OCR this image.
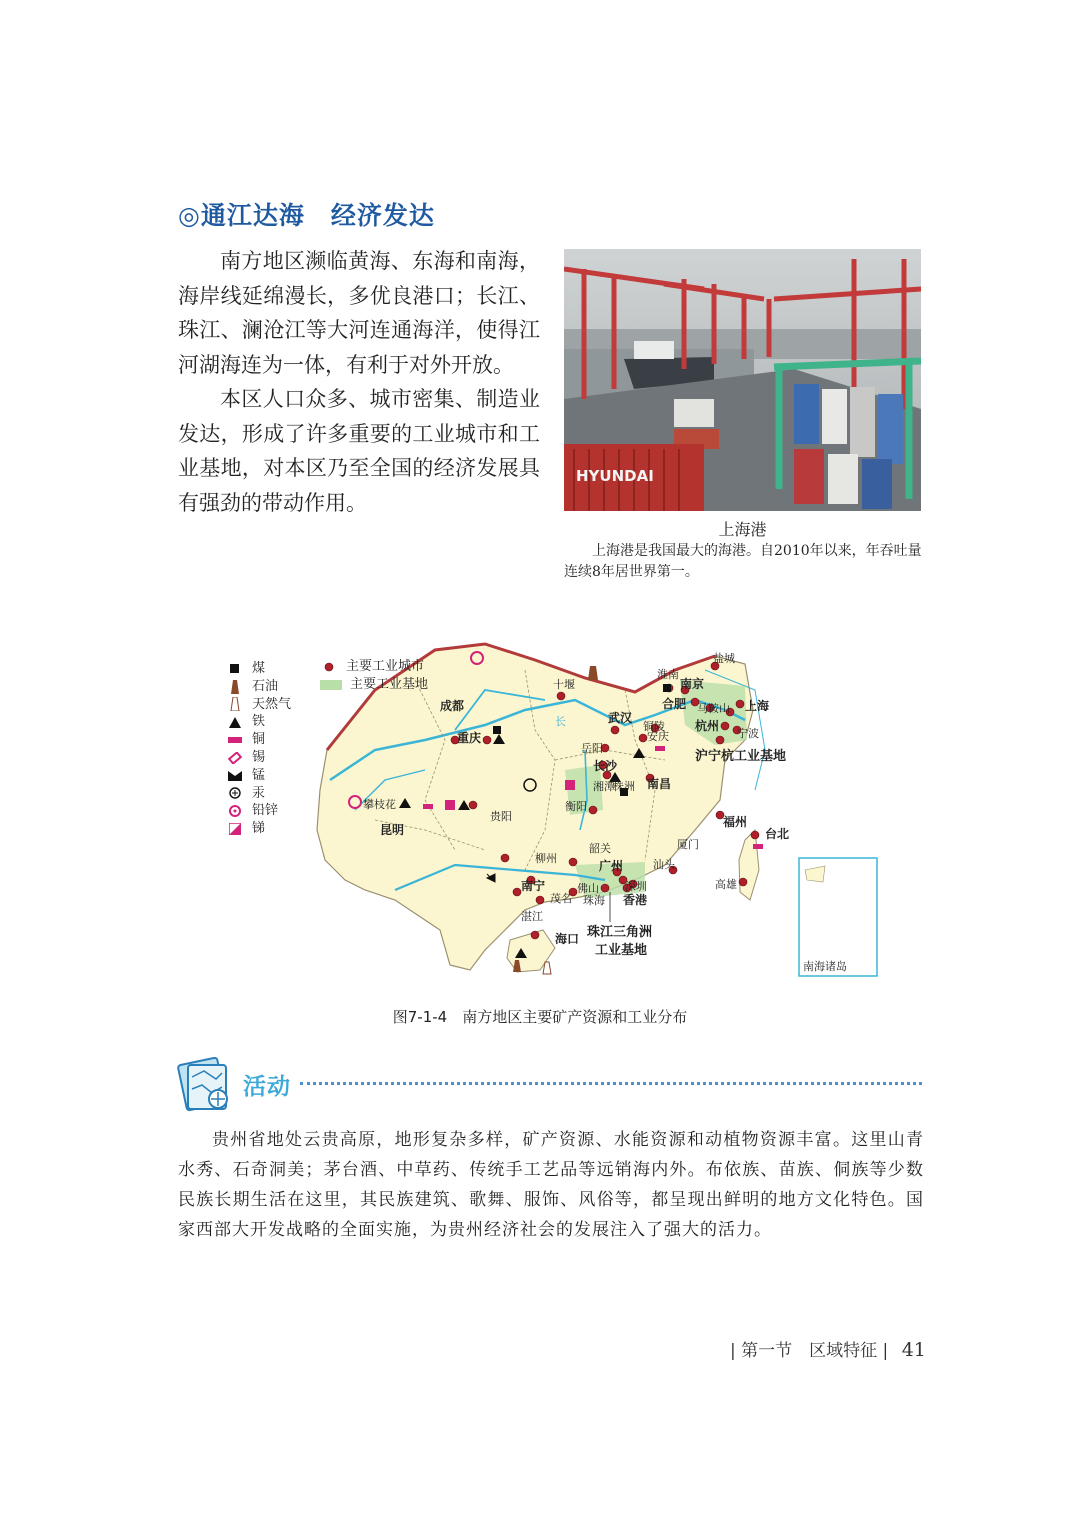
◎通江达海　经济发达

南方地区濒临黄海、东海和南海，海岸线延绵漫长，多优良港口；长江、珠江、澜沧江等大河连通海洋，使得江河湖海连为一体，有利于对外开放。

本区人口众多、城市密集、制造业发达，形成了许多重要的工业城市和工业基地，对本区乃至全国的经济发展具有强劲的带动作用。

HYUNDAI
上海港

上海港是我国最大的海港。自2010年以来，年吞吐量连续8年居世界第一。

南海诸岛
长
成都
重庆
十堰
武汉
淮南
南京
盐城
马鞍山
合肥
铜陵
安庆
上海
杭州
宁波
岳阳
长沙
湘潭
株洲
衡阳
南昌
沪宁杭工业基地
攀枝花
贵阳
昆明
柳州
韶关
福州
台北
厦门
汕头
高雄
南宁
广州
佛山 深圳
茂名 珠海 香港
湛江
海口 珠江三角洲
工业基地
煤
石油
天然气
铁
铜
锡
锰
汞
铅锌
锑
主要工业城市
主要工业基地
图7-1-4　南方地区主要矿产资源和工业分布
活动

贵州省地处云贵高原，地形复杂多样，矿产资源、水能资源和动植物资源丰富。这里山青水秀、石奇洞美；茅台酒、中草药、传统手工艺品等远销海内外。布依族、苗族、侗族等少数民族长期生活在这里，其民族建筑、歌舞、服饰、风俗等，都呈现出鲜明的地方文化特色。国家西部大开发战略的全面实施，为贵州经济社会的发展注入了强大的活力。

| 第一节　区域特征 | 41
